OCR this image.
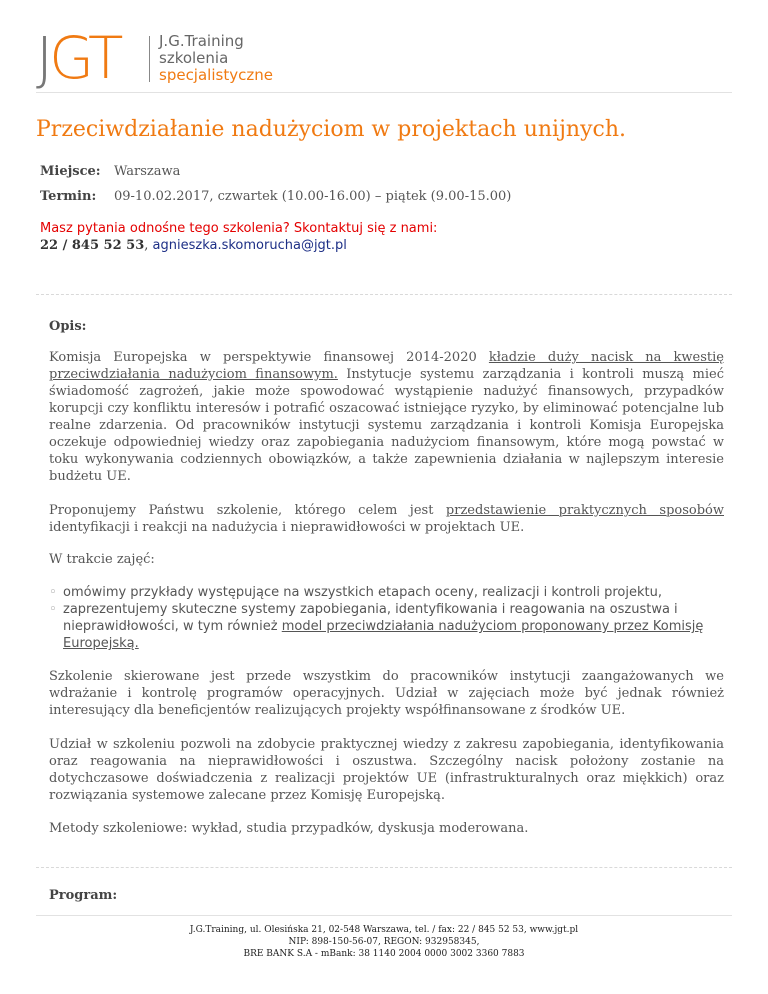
JGT	J.G.Training
szkolenia
specjalistyczne
Przeciwdziałanie nadużyciom w projektach unijnych.
Miejsce: Warszawa
Termin: 09-10.02.2017, czwartek (10.00-16.00) – piątek (9.00-15.00)
Masz pytania odnośne tego szkolenia? Skontaktuj się z nami:
22 / 845 52 53, agnieszka.skomorucha@jgt.pl
Opis:
Komisja Europejska w perspektywie finansowej 2014-2020 kładzie duży nacisk na kwestię przeciwdziałania nadużyciom finansowym. Instytucje systemu zarządzania i kontroli muszą mieć świadomość zagrożeń, jakie może spowodować wystąpienie nadużyć finansowych, przypadków korupcji czy konfliktu interesów i potrafić oszacować istniejące ryzyko, by eliminować potencjalne lub realne zdarzenia. Od pracowników instytucji systemu zarządzania i kontroli Komisja Europejska oczekuje odpowiedniej wiedzy oraz zapobiegania nadużyciom finansowym, które mogą powstać w toku wykonywania codziennych obowiązków, a także zapewnienia działania w najlepszym interesie budżetu UE.
Proponujemy Państwu szkolenie, którego celem jest przedstawienie praktycznych sposobów identyfikacji i reakcji na nadużycia i nieprawidłowości w projektach UE.
W trakcie zajęć:
◦ omówimy przykłady występujące na wszystkich etapach oceny, realizacji i kontroli projektu,
◦ zaprezentujemy skuteczne systemy zapobiegania, identyfikowania i reagowania na oszustwa i nieprawidłowości, w tym również model przeciwdziałania nadużyciom proponowany przez Komisję Europejską.
Szkolenie skierowane jest przede wszystkim do pracowników instytucji zaangażowanych we wdrażanie i kontrolę programów operacyjnych. Udział w zajęciach może być jednak również interesujący dla beneficjentów realizujących projekty współfinansowane z środków UE.
Udział w szkoleniu pozwoli na zdobycie praktycznej wiedzy z zakresu zapobiegania, identyfikowania oraz reagowania na nieprawidłowości i oszustwa. Szczególny nacisk położony zostanie na dotychczasowe doświadczenia z realizacji projektów UE (infrastrukturalnych oraz miękkich) oraz rozwiązania systemowe zalecane przez Komisję Europejską.
Metody szkoleniowe: wykład, studia przypadków, dyskusja moderowana.
Program:
J.G.Training, ul. Olesińska 21, 02-548 Warszawa, tel. / fax: 22 / 845 52 53, www.jgt.pl
NIP: 898-150-56-07, REGON: 932958345,
BRE BANK S.A - mBank: 38 1140 2004 0000 3002 3360 7883
